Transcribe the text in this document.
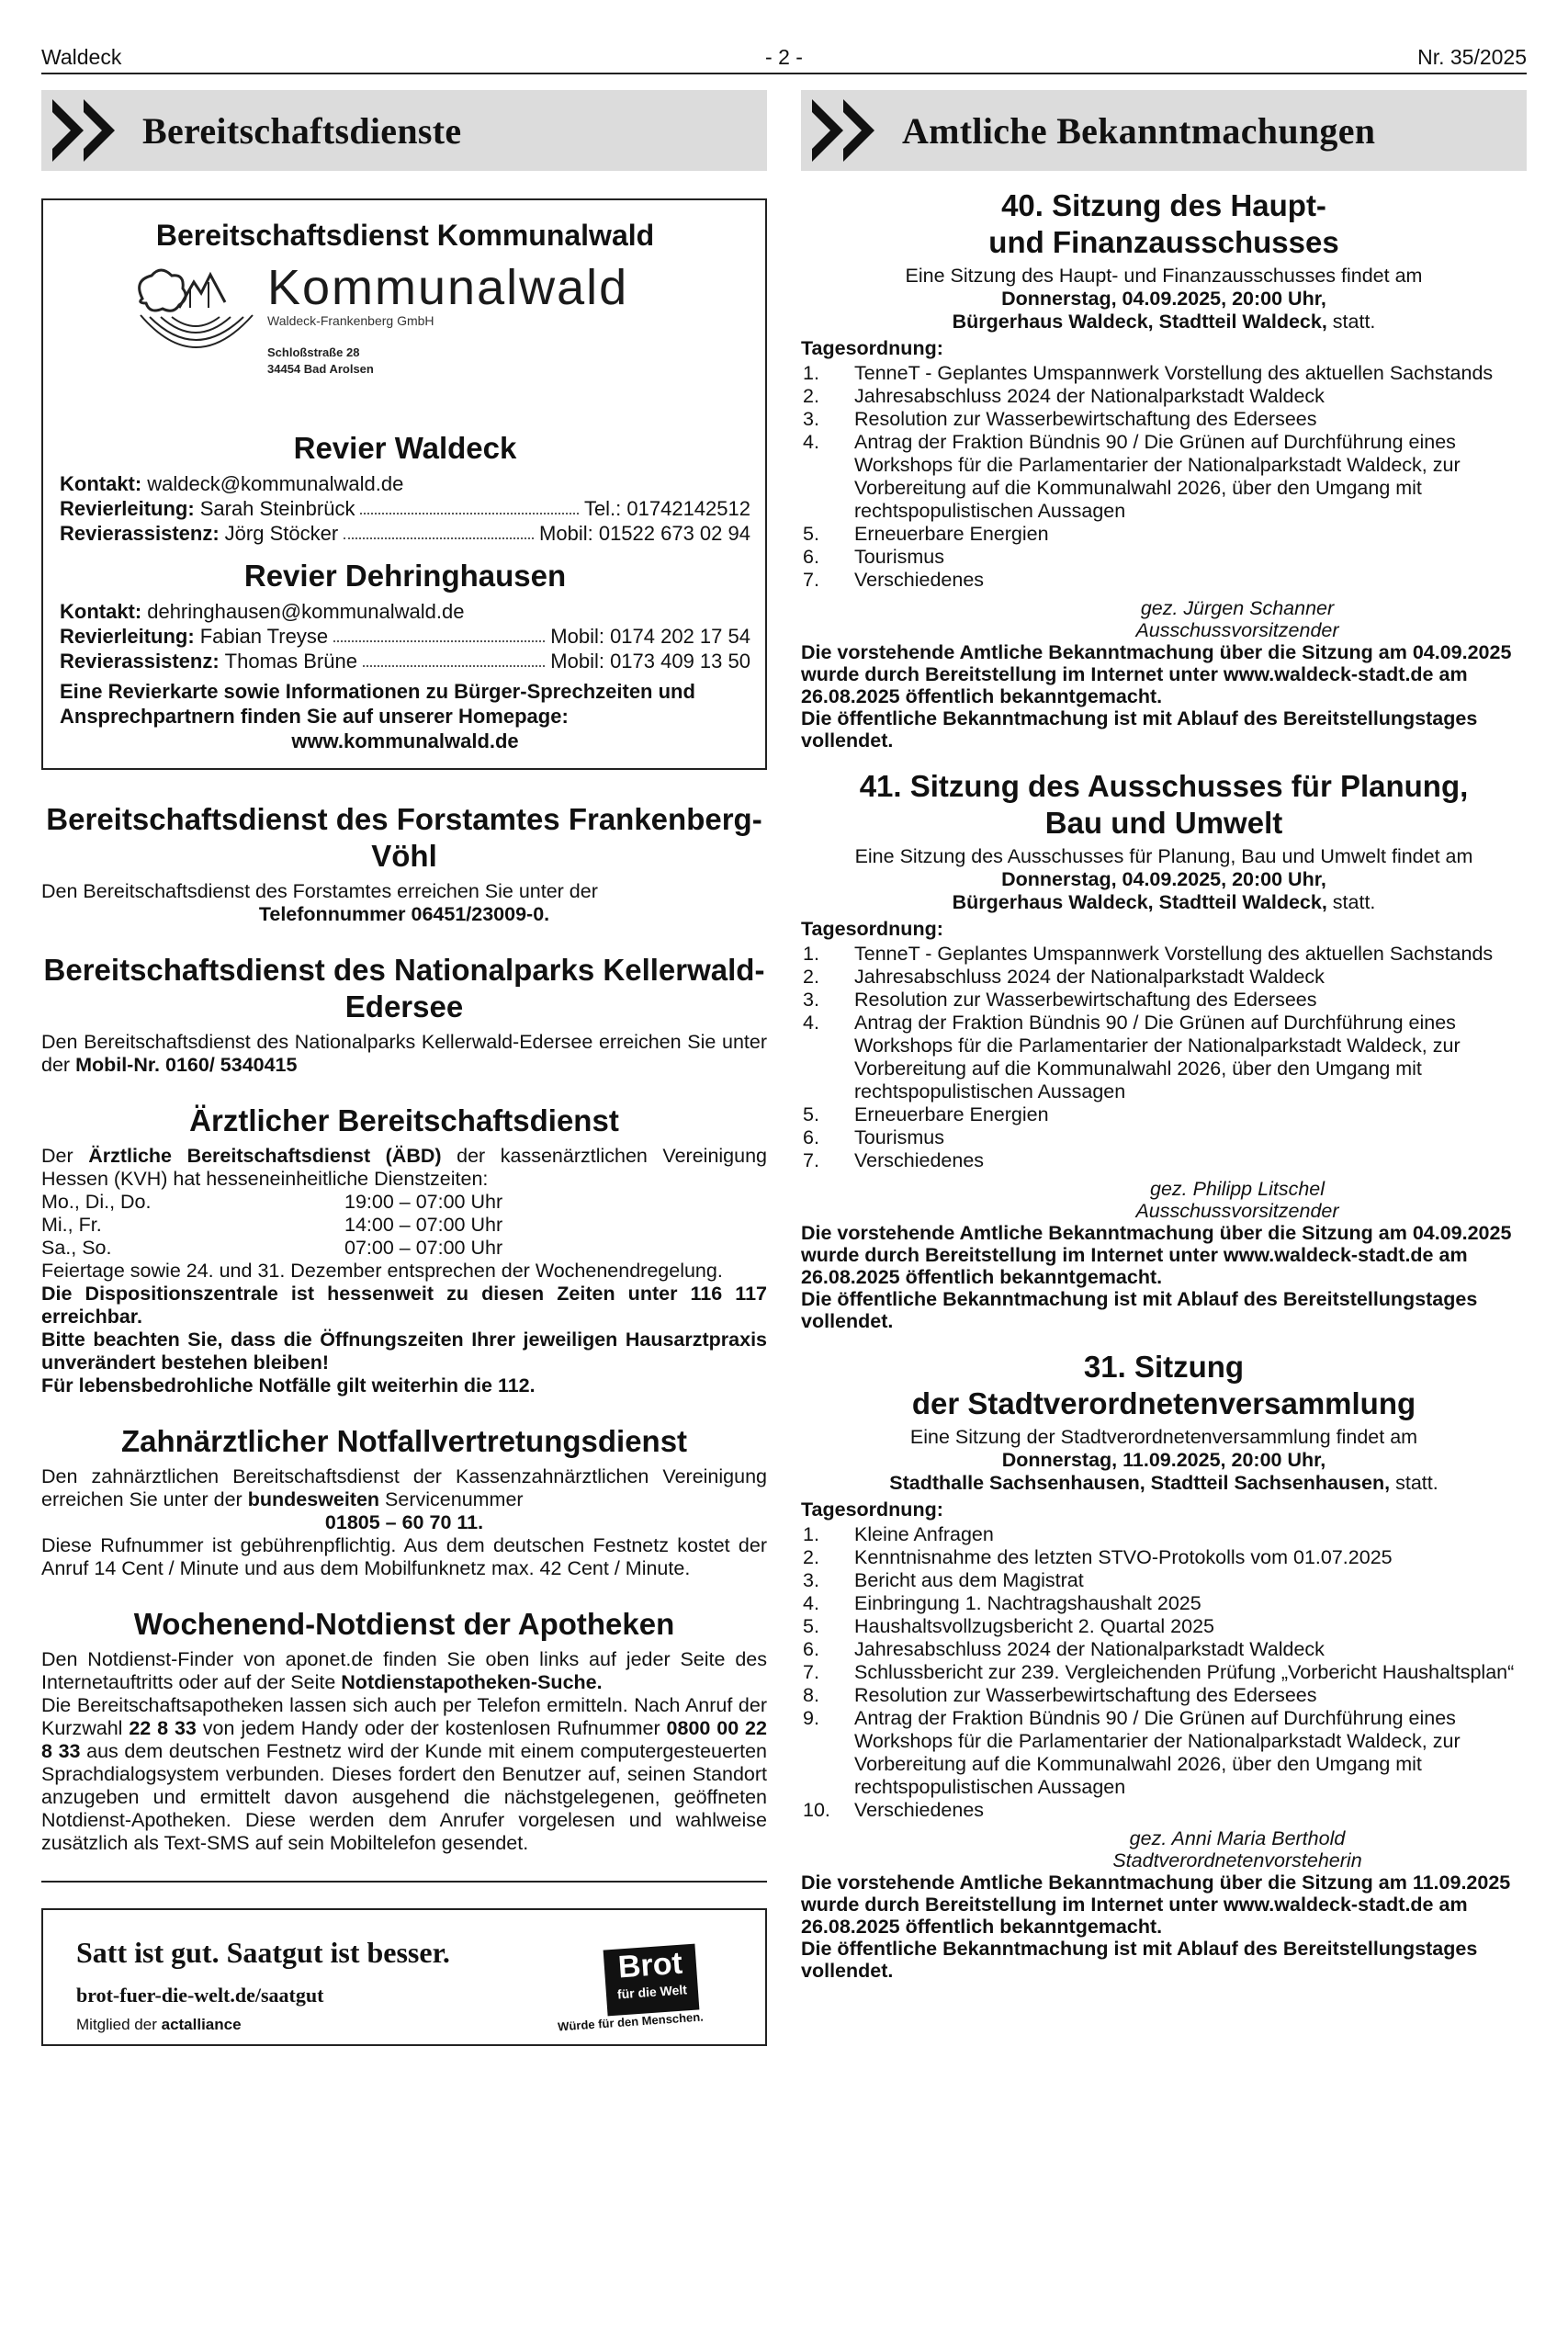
Waldeck	- 2 -	Nr. 35/2025
Bereitschaftsdienste
Bereitschaftsdienst Kommunalwald
Kommunalwald
Waldeck-Frankenberg GmbH
Schloßstraße 28
34454 Bad Arolsen
Revier Waldeck
Kontakt: waldeck@kommunalwald.de
Revierleitung: Sarah Steinbrück	Tel.: 01742142512
Revierassistenz: Jörg Stöcker	Mobil: 01522 673 02 94
Revier Dehringhausen
Kontakt: dehringhausen@kommunalwald.de
Revierleitung: Fabian Treyse	Mobil: 0174 202 17 54
Revierassistenz: Thomas Brüne	Mobil: 0173 409 13 50
Eine Revierkarte sowie Informationen zu Bürger-Sprechzeiten und
Ansprechpartnern finden Sie auf unserer Homepage:
www.kommunalwald.de
Bereitschaftsdienst des Forstamtes Frankenberg-Vöhl
Den Bereitschaftsdienst des Forstamtes erreichen Sie unter der

Telefonnummer 06451/23009-0.
Bereitschaftsdienst des Nationalparks Kellerwald-Edersee
Den Bereitschaftsdienst des Nationalparks Kellerwald-Edersee erreichen Sie unter der Mobil-Nr. 0160/ 5340415
Ärztlicher Bereitschaftsdienst
Der Ärztliche Bereitschaftsdienst (ÄBD) der kassenärztlichen Vereinigung Hessen (KVH) hat hesseneinheitliche Dienstzeiten:
Mo., Di., Do.	19:00 – 07:00 Uhr
Mi., Fr.	14:00 – 07:00 Uhr
Sa., So.	07:00 – 07:00 Uhr
Feiertage sowie 24. und 31. Dezember entsprechen der Wochenendregelung.
Die Dispositionszentrale ist hessenweit zu diesen Zeiten unter 116 117 erreichbar.
Bitte beachten Sie, dass die Öffnungszeiten Ihrer jeweiligen Hausarztpraxis unverändert bestehen bleiben!
Für lebensbedrohliche Notfälle gilt weiterhin die 112.
Zahnärztlicher Notfallvertretungsdienst
Den zahnärztlichen Bereitschaftsdienst der Kassenzahnärztlichen Vereinigung erreichen Sie unter der bundesweiten Servicenummer

01805 – 60 70 11.
Diese Rufnummer ist gebührenpflichtig. Aus dem deutschen Festnetz kostet der Anruf 14 Cent / Minute und aus dem Mobilfunknetz max. 42 Cent / Minute.
Wochenend-Notdienst der Apotheken
Den Notdienst-Finder von aponet.de finden Sie oben links auf jeder Seite des Internetauftritts oder auf der Seite Notdienstapotheken-Suche.
Die Bereitschaftsapotheken lassen sich auch per Telefon ermitteln. Nach Anruf der Kurzwahl 22 8 33 von jedem Handy oder der kostenlosen Rufnummer 0800 00 22 8 33 aus dem deutschen Festnetz wird der Kunde mit einem computergesteuerten Sprachdialogsystem verbunden. Dieses fordert den Benutzer auf, seinen Standort anzugeben und ermittelt davon ausgehend die nächstgelegenen, geöffneten Notdienst-Apotheken. Diese werden dem Anrufer vorgelesen und wahlweise zusätzlich als Text-SMS auf sein Mobiltelefon gesendet.
Satt ist gut. Saatgut ist besser.
brot-fuer-die-welt.de/saatgut
Mitglied der actalliance
Brot
für die Welt
Würde für den Menschen.
Amtliche Bekanntmachungen
40. Sitzung des Haupt-
und Finanzausschusses
Eine Sitzung des Haupt- und Finanzausschusses findet am
Donnerstag, 04.09.2025, 20:00 Uhr,
Bürgerhaus Waldeck, Stadtteil Waldeck, statt.
Tagesordnung:
1.	TenneT - Geplantes Umspannwerk Vorstellung des aktuellen Sachstands
2.	Jahresabschluss 2024 der Nationalparkstadt Waldeck
3.	Resolution zur Wasserbewirtschaftung des Edersees
4.	Antrag der Fraktion Bündnis 90 / Die Grünen auf Durchführung eines Workshops für die Parlamentarier der Nationalparkstadt Waldeck, zur Vorbereitung auf die Kommunalwahl 2026, über den Umgang mit rechtspopulistischen Aussagen
5.	Erneuerbare Energien
6.	Tourismus
7.	Verschiedenes
gez. Jürgen Schanner
Ausschussvorsitzender
Die vorstehende Amtliche Bekanntmachung über die Sitzung am 04.09.2025 wurde durch Bereitstellung im Internet unter www.waldeck-stadt.de am 26.08.2025 öffentlich bekanntgemacht.
Die öffentliche Bekanntmachung ist mit Ablauf des Bereitstellungstages vollendet.
41. Sitzung des Ausschusses für Planung,
Bau und Umwelt
Eine Sitzung des Ausschusses für Planung, Bau und Umwelt findet am
Donnerstag, 04.09.2025, 20:00 Uhr,
Bürgerhaus Waldeck, Stadtteil Waldeck, statt.
Tagesordnung:
1.	TenneT - Geplantes Umspannwerk Vorstellung des aktuellen Sachstands
2.	Jahresabschluss 2024 der Nationalparkstadt Waldeck
3.	Resolution zur Wasserbewirtschaftung des Edersees
4.	Antrag der Fraktion Bündnis 90 / Die Grünen auf Durchführung eines Workshops für die Parlamentarier der Nationalparkstadt Waldeck, zur Vorbereitung auf die Kommunalwahl 2026, über den Umgang mit rechtspopulistischen Aussagen
5.	Erneuerbare Energien
6.	Tourismus
7.	Verschiedenes
gez. Philipp Litschel
Ausschussvorsitzender
Die vorstehende Amtliche Bekanntmachung über die Sitzung am 04.09.2025 wurde durch Bereitstellung im Internet unter www.waldeck-stadt.de am 26.08.2025 öffentlich bekanntgemacht.
Die öffentliche Bekanntmachung ist mit Ablauf des Bereitstellungstages vollendet.
31. Sitzung
der Stadtverordnetenversammlung
Eine Sitzung der Stadtverordnetenversammlung findet am
Donnerstag, 11.09.2025, 20:00 Uhr,
Stadthalle Sachsenhausen, Stadtteil Sachsenhausen, statt.
Tagesordnung:
1.	Kleine Anfragen
2.	Kenntnisnahme des letzten STVO-Protokolls vom 01.07.2025
3.	Bericht aus dem Magistrat
4.	Einbringung 1. Nachtragshaushalt 2025
5.	Haushaltsvollzugsbericht 2. Quartal 2025
6.	Jahresabschluss 2024 der Nationalparkstadt Waldeck
7.	Schlussbericht zur 239. Vergleichenden Prüfung „Vorbericht Haushaltsplan“
8.	Resolution zur Wasserbewirtschaftung des Edersees
9.	Antrag der Fraktion Bündnis 90 / Die Grünen auf Durchführung eines Workshops für die Parlamentarier der Nationalparkstadt Waldeck, zur Vorbereitung auf die Kommunalwahl 2026, über den Umgang mit rechtspopulistischen Aussagen
10.	Verschiedenes
gez. Anni Maria Berthold
Stadtverordnetenvorsteherin
Die vorstehende Amtliche Bekanntmachung über die Sitzung am 11.09.2025 wurde durch Bereitstellung im Internet unter www.waldeck-stadt.de am 26.08.2025 öffentlich bekanntgemacht.
Die öffentliche Bekanntmachung ist mit Ablauf des Bereitstellungstages vollendet.
